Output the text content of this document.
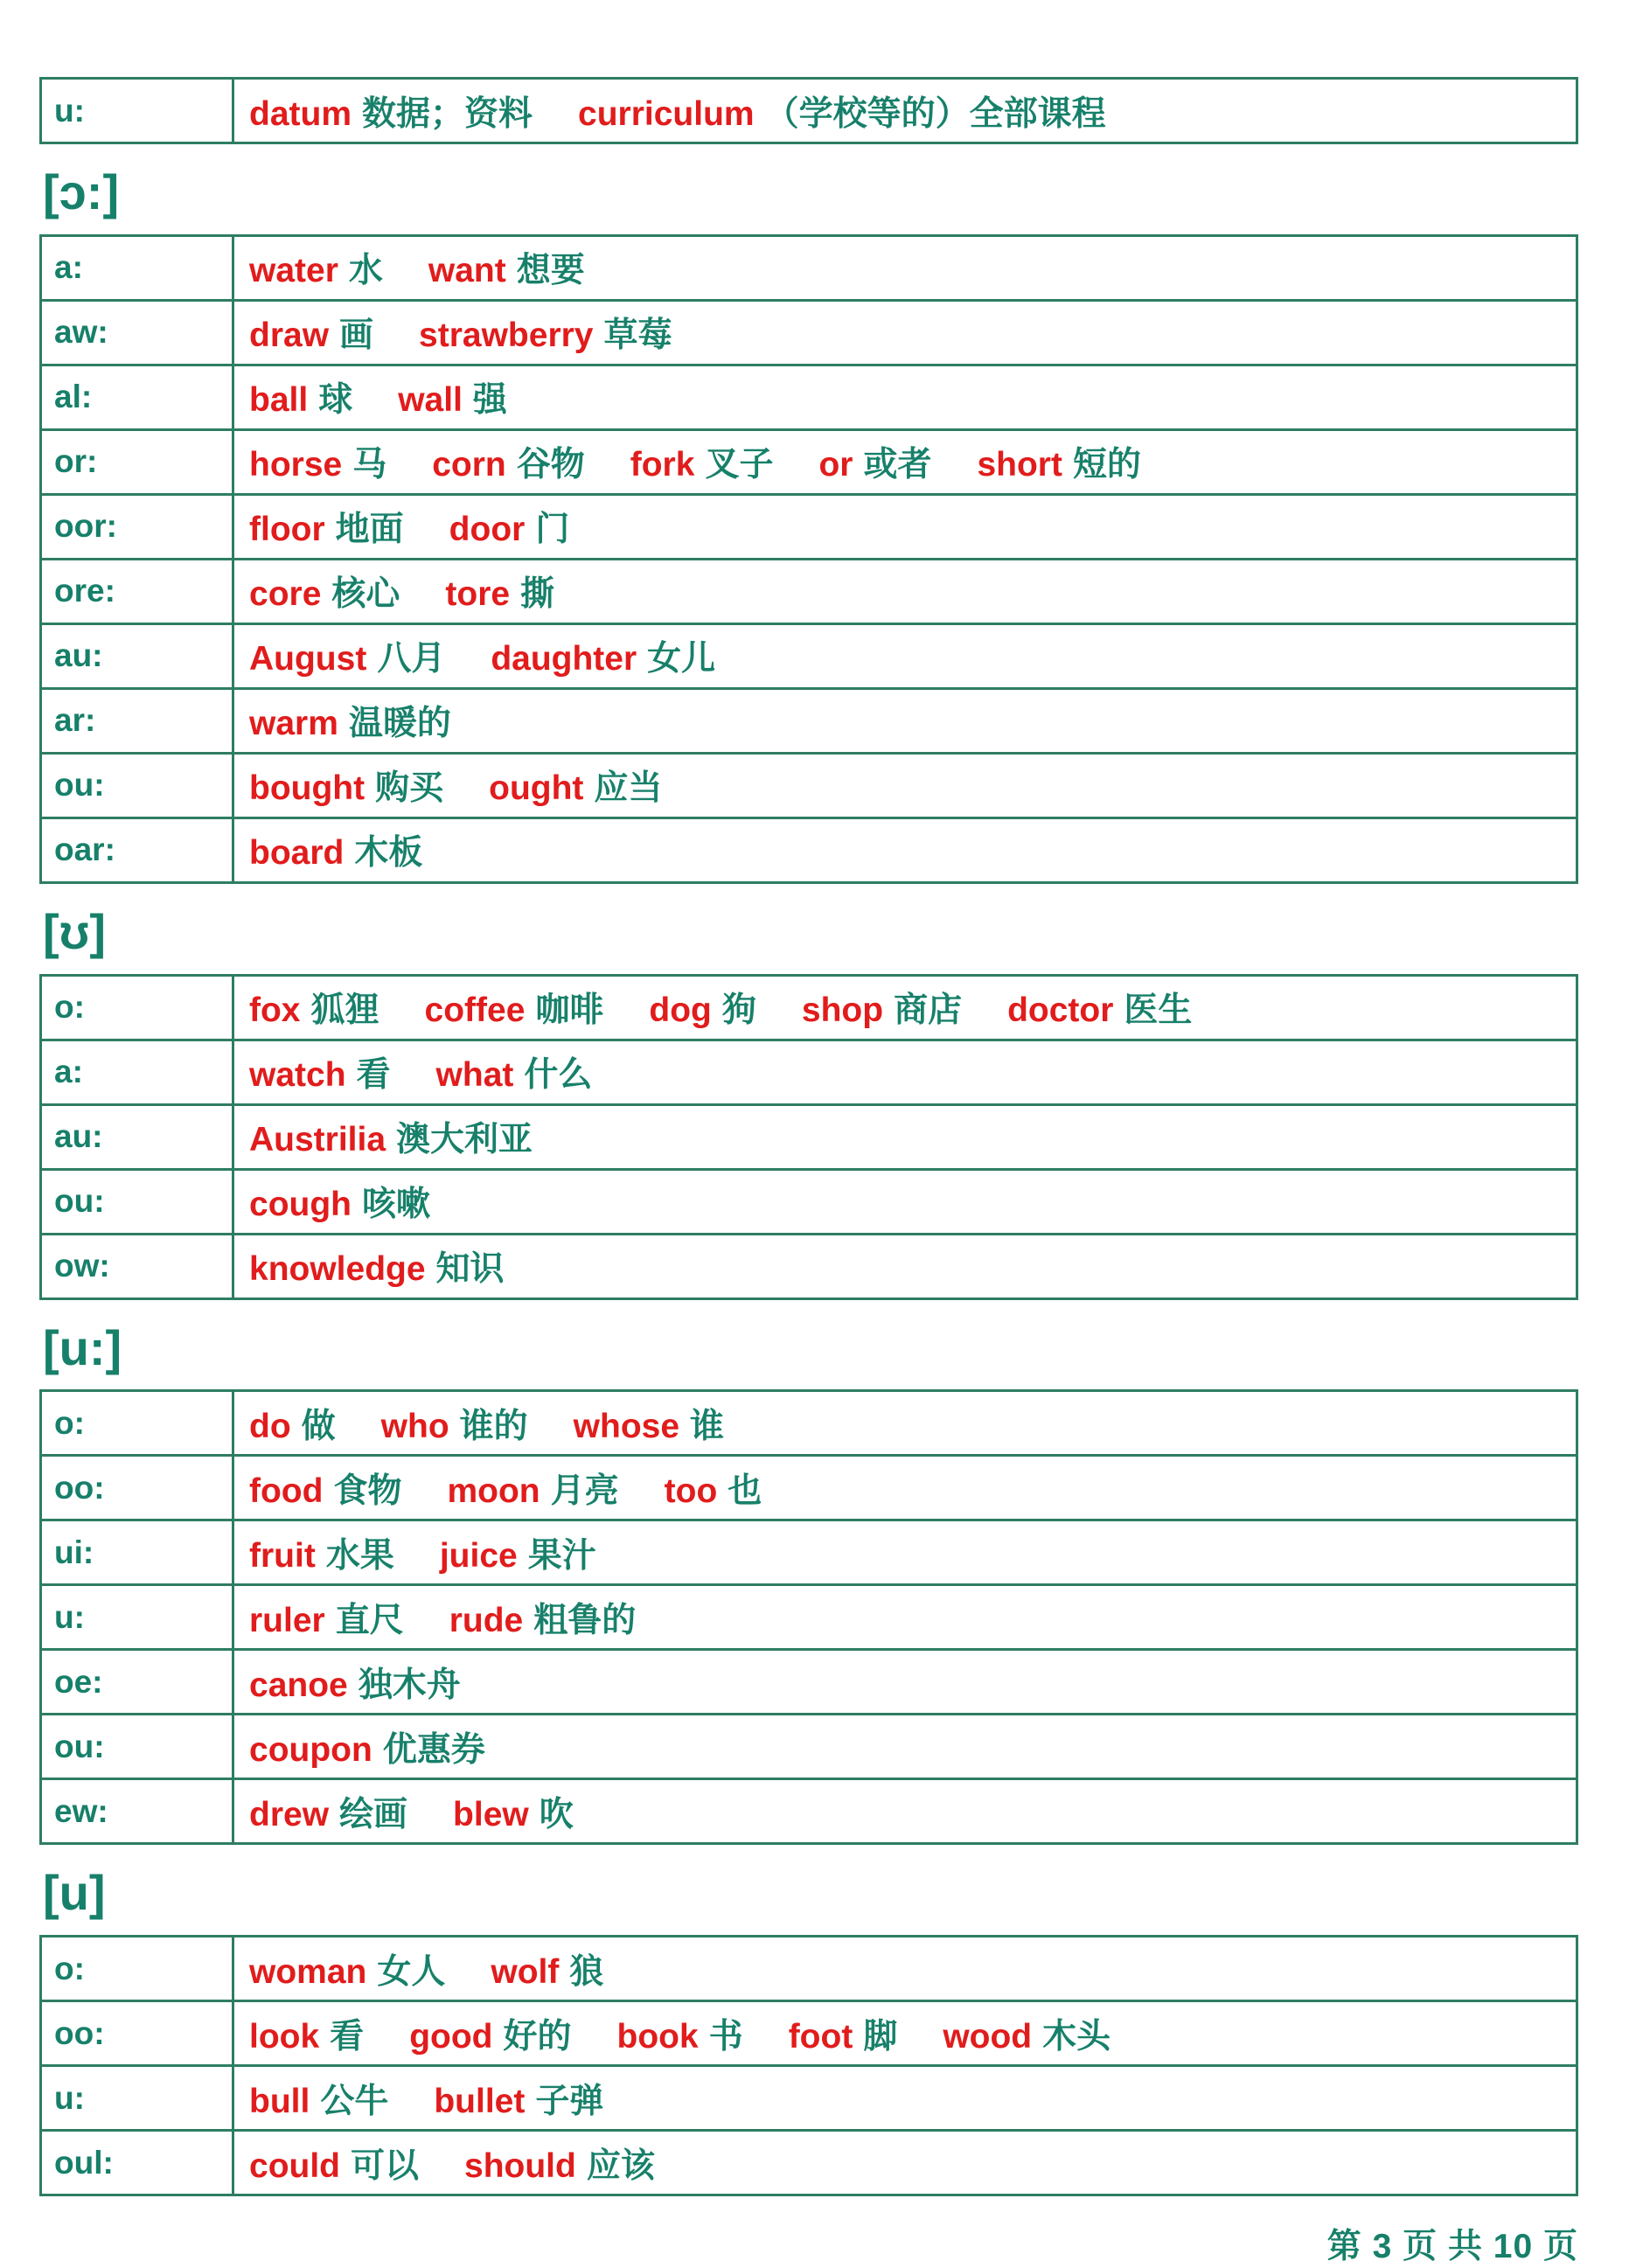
u:	datum 数据；资料 curriculum （学校等的）全部课程
[ɔ:]
a:	water 水 want 想要
aw:	draw 画 strawberry 草莓
al:	ball 球 wall 强
or:	horse 马 corn 谷物 fork 叉子 or 或者 short 短的
oor:	floor 地面 door 门
ore:	core 核心 tore 撕
au:	August 八月 daughter 女儿
ar:	warm 温暖的
ou:	bought 购买 ought 应当
oar:	board 木板
[ʊ]
o:	fox 狐狸 coffee 咖啡 dog 狗 shop 商店 doctor 医生
a:	watch 看 what 什么
au:	Austrilia 澳大利亚
ou:	cough 咳嗽
ow:	knowledge 知识
[u:]
o:	do 做 who 谁的 whose 谁
oo:	food 食物 moon 月亮 too 也
ui:	fruit 水果 juice 果汁
u:	ruler 直尺 rude 粗鲁的
oe:	canoe 独木舟
ou:	coupon 优惠券
ew:	drew 绘画 blew 吹
[u]
o:	woman 女人 wolf 狼
oo:	look 看 good 好的 book 书 foot 脚 wood 木头
u:	bull 公牛 bullet 子弹
oul:	could 可以 should 应该
第 3 页 共 10 页
